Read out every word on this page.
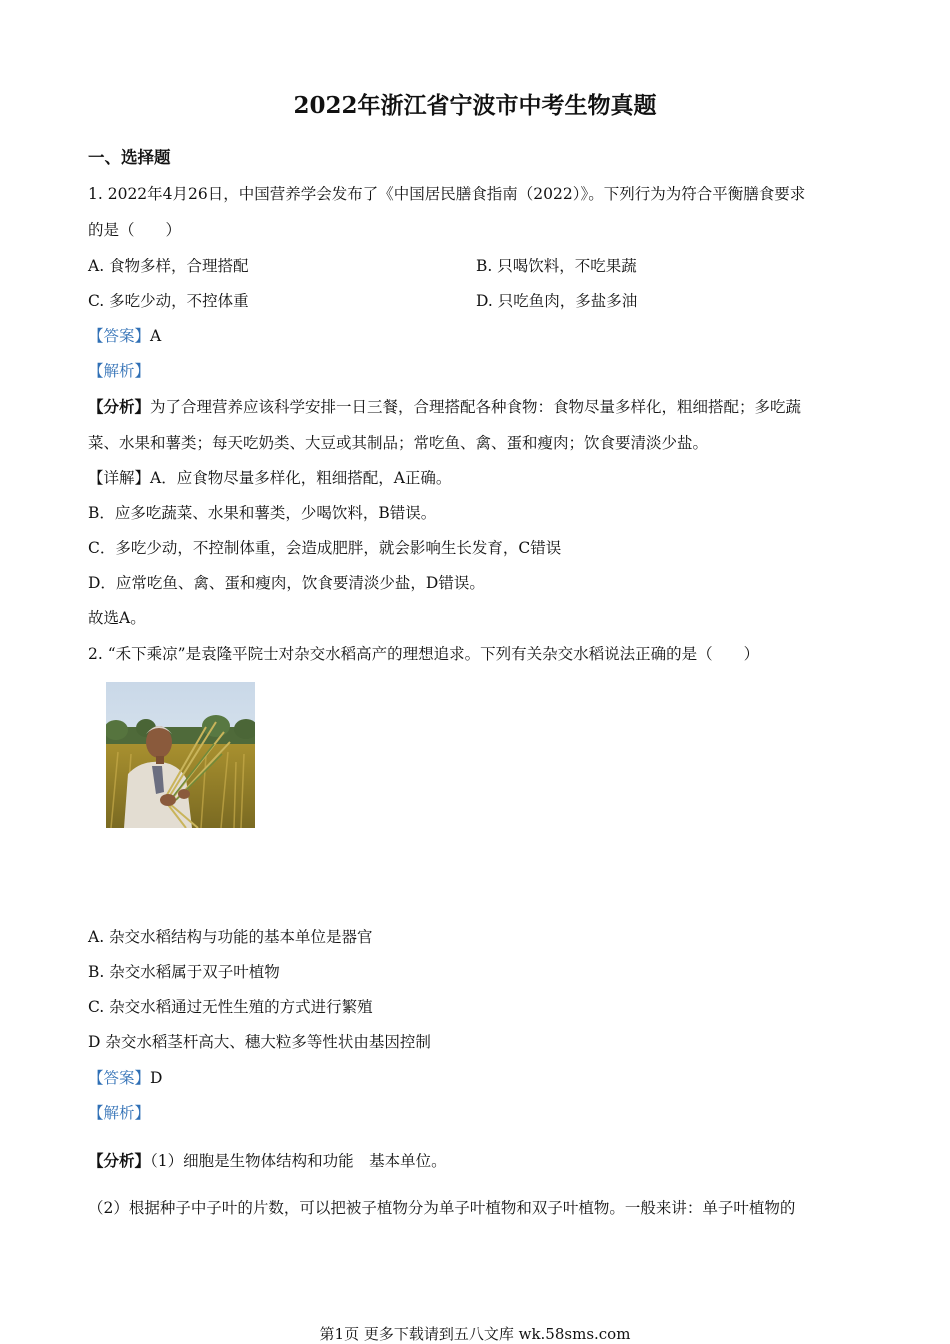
2022年浙江省宁波市中考生物真题
一、选择题
1. 2022年4月26日，中国营养学会发布了《中国居民膳食指南（2022）》。下列行为为符合平衡膳食要求
的是（　　）
A. 食物多样，合理搭配	B. 只喝饮料，不吃果蔬
C. 多吃少动，不控体重	D. 只吃鱼肉，多盐多油
【答案】A
【解析】
【分析】为了合理营养应该科学安排一日三餐，合理搭配各种食物：食物尽量多样化，粗细搭配；多吃蔬
菜、水果和薯类；每天吃奶类、大豆或其制品；常吃鱼、禽、蛋和瘦肉；饮食要清淡少盐。
【详解】A．应食物尽量多样化，粗细搭配，A正确。
B．应多吃蔬菜、水果和薯类，少喝饮料，B错误。
C．多吃少动，不控制体重，会造成肥胖，就会影响生长发育，C错误
D．应常吃鱼、禽、蛋和瘦肉，饮食要清淡少盐，D错误。
故选A。
2. “禾下乘凉”是袁隆平院士对杂交水稻高产的理想追求。下列有关杂交水稻说法正确的是（　　）
A. 杂交水稻结构与功能的基本单位是器官
B. 杂交水稻属于双子叶植物
C. 杂交水稻通过无性生殖的方式进行繁殖
D 杂交水稻茎杆高大、穗大粒多等性状由基因控制
【答案】D
【解析】
【分析】（1）细胞是生物体结构和功能　基本单位。
（2）根据种子中子叶的片数，可以把被子植物分为单子叶植物和双子叶植物。一般来讲：单子叶植物的
第1页 更多下载请到五八文库 wk.58sms.com
